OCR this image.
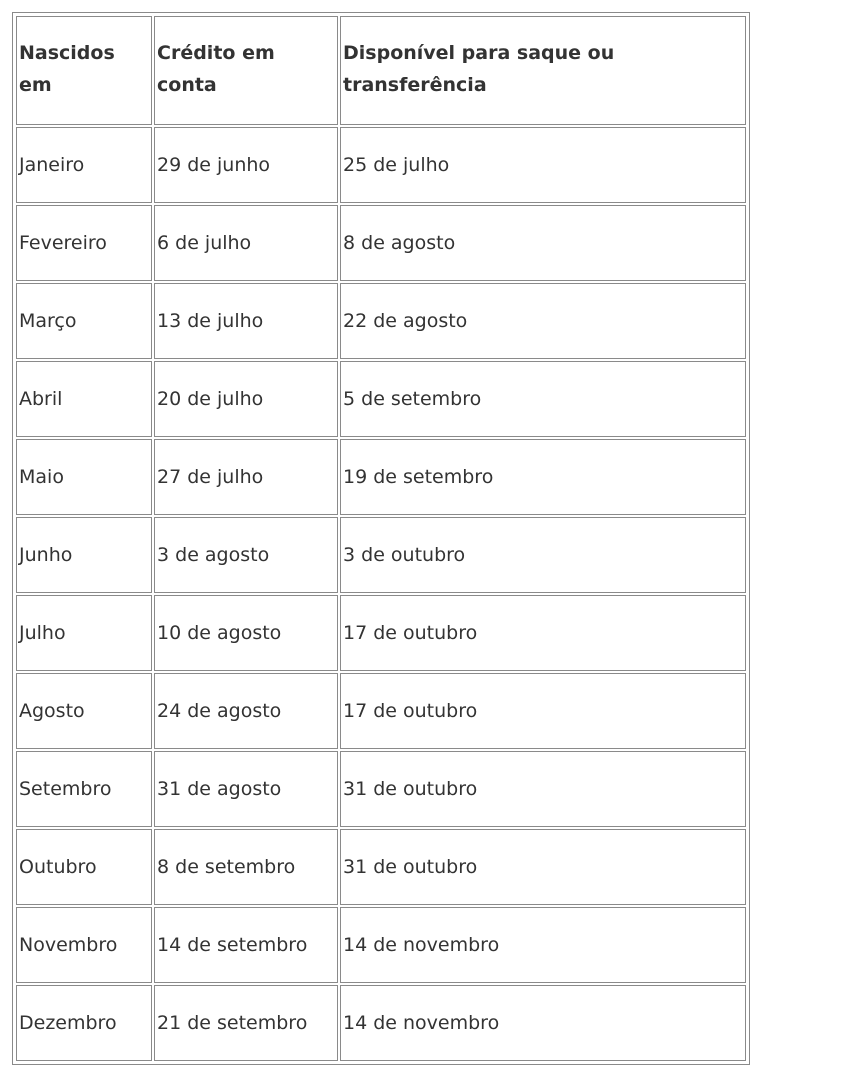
Nascidos em	Crédito em conta	Disponível para saque ou transferência
Janeiro	29 de junho	25 de julho
Fevereiro	6 de julho	8 de agosto
Março	13 de julho	22 de agosto
Abril	20 de julho	5 de setembro
Maio	27 de julho	19 de setembro
Junho	3 de agosto	3 de outubro
Julho	10 de agosto	17 de outubro
Agosto	24 de agosto	17 de outubro
Setembro	31 de agosto	31 de outubro
Outubro	8 de setembro	31 de outubro
Novembro	14 de setembro	14 de novembro
Dezembro	21 de setembro	14 de novembro
